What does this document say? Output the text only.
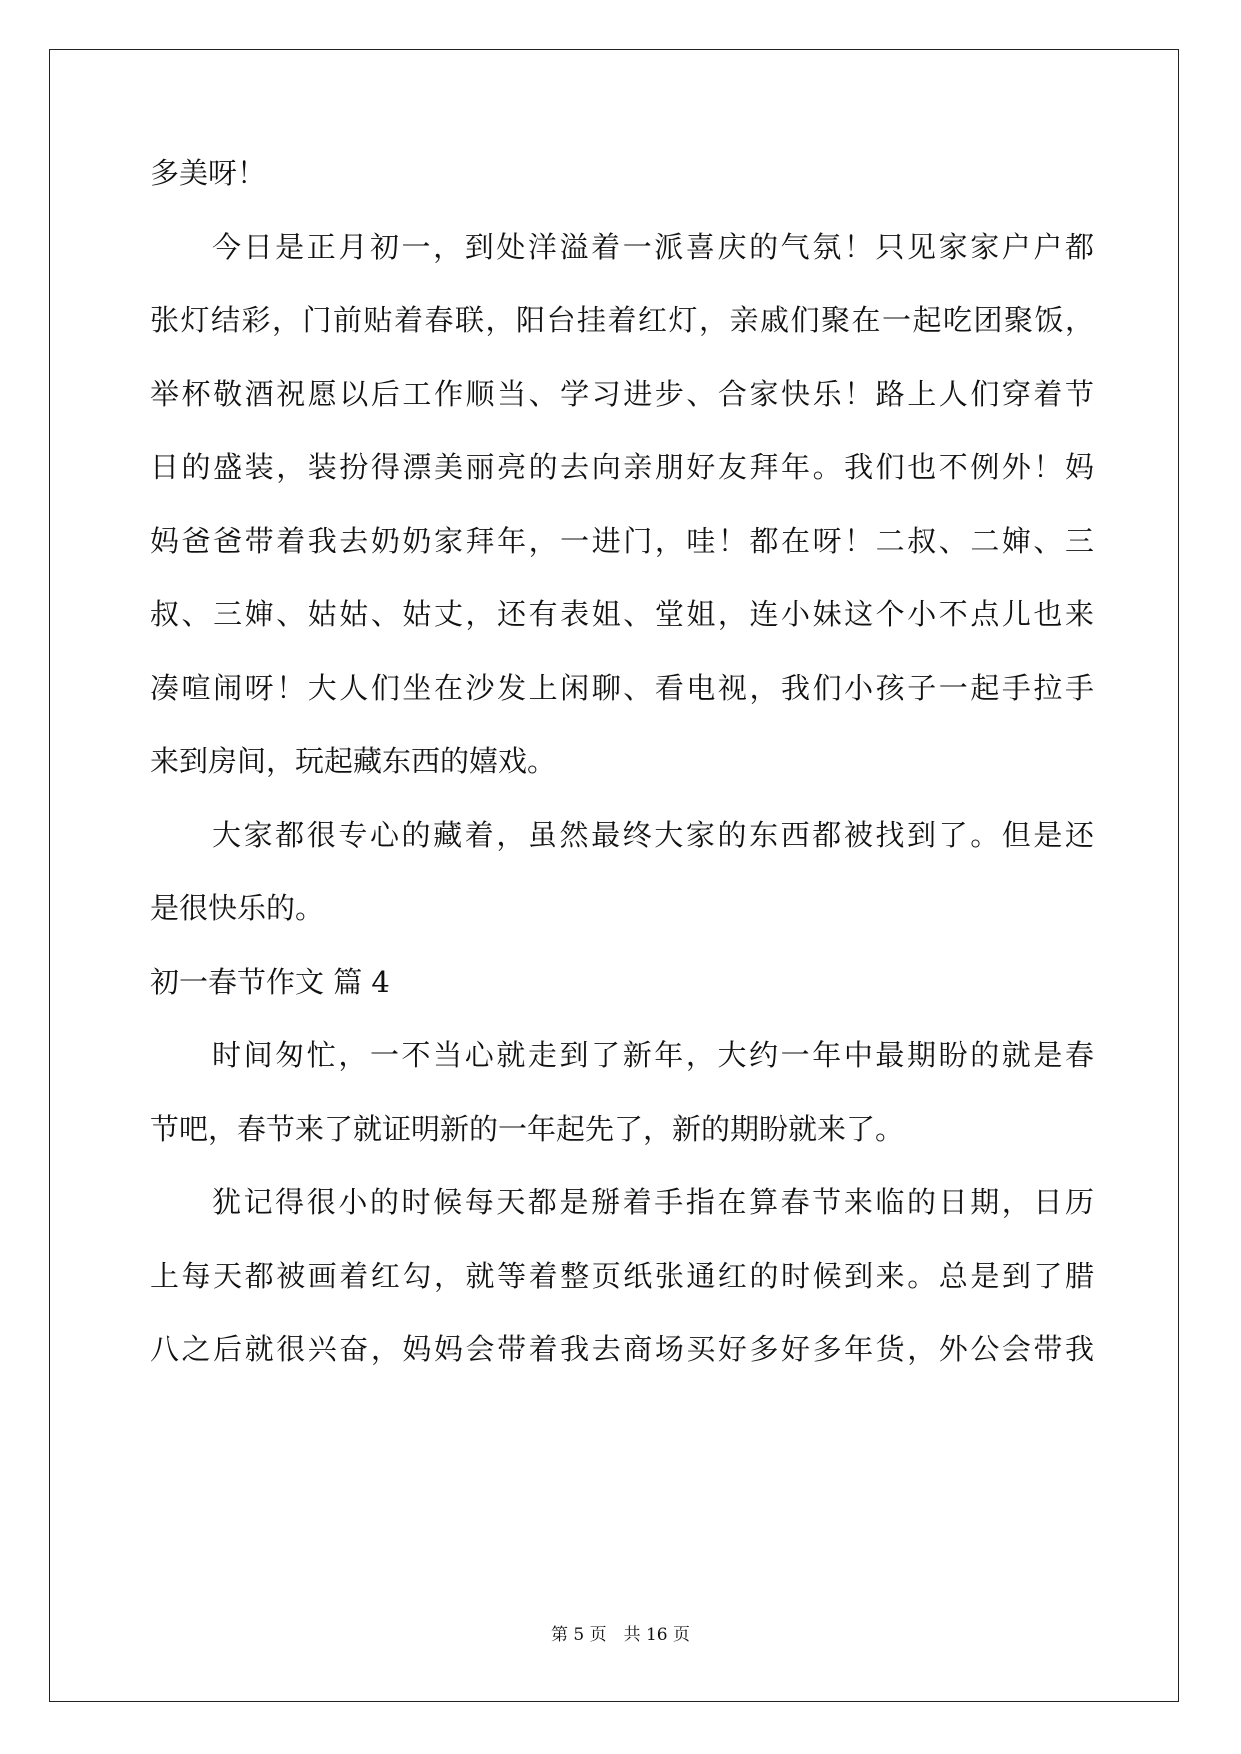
多美呀！
今日是正月初一，到处洋溢着一派喜庆的气氛！只见家家户户都
张灯结彩，门前贴着春联，阳台挂着红灯，亲戚们聚在一起吃团聚饭，
举杯敬酒祝愿以后工作顺当、学习进步、合家快乐！路上人们穿着节
日的盛装，装扮得漂美丽亮的去向亲朋好友拜年。我们也不例外！妈
妈爸爸带着我去奶奶家拜年，一进门，哇！都在呀！二叔、二婶、三
叔、三婶、姑姑、姑丈，还有表姐、堂姐，连小妹这个小不点儿也来
凑喧闹呀！大人们坐在沙发上闲聊、看电视，我们小孩子一起手拉手
来到房间，玩起藏东西的嬉戏。
大家都很专心的藏着，虽然最终大家的东西都被找到了。但是还
是很快乐的。
初一春节作文 篇 4
时间匆忙，一不当心就走到了新年，大约一年中最期盼的就是春
节吧，春节来了就证明新的一年起先了，新的期盼就来了。
犹记得很小的时候每天都是掰着手指在算春节来临的日期，日历
上每天都被画着红勾，就等着整页纸张通红的时候到来。总是到了腊
八之后就很兴奋，妈妈会带着我去商场买好多好多年货，外公会带我
第 5 页　共 16 页
